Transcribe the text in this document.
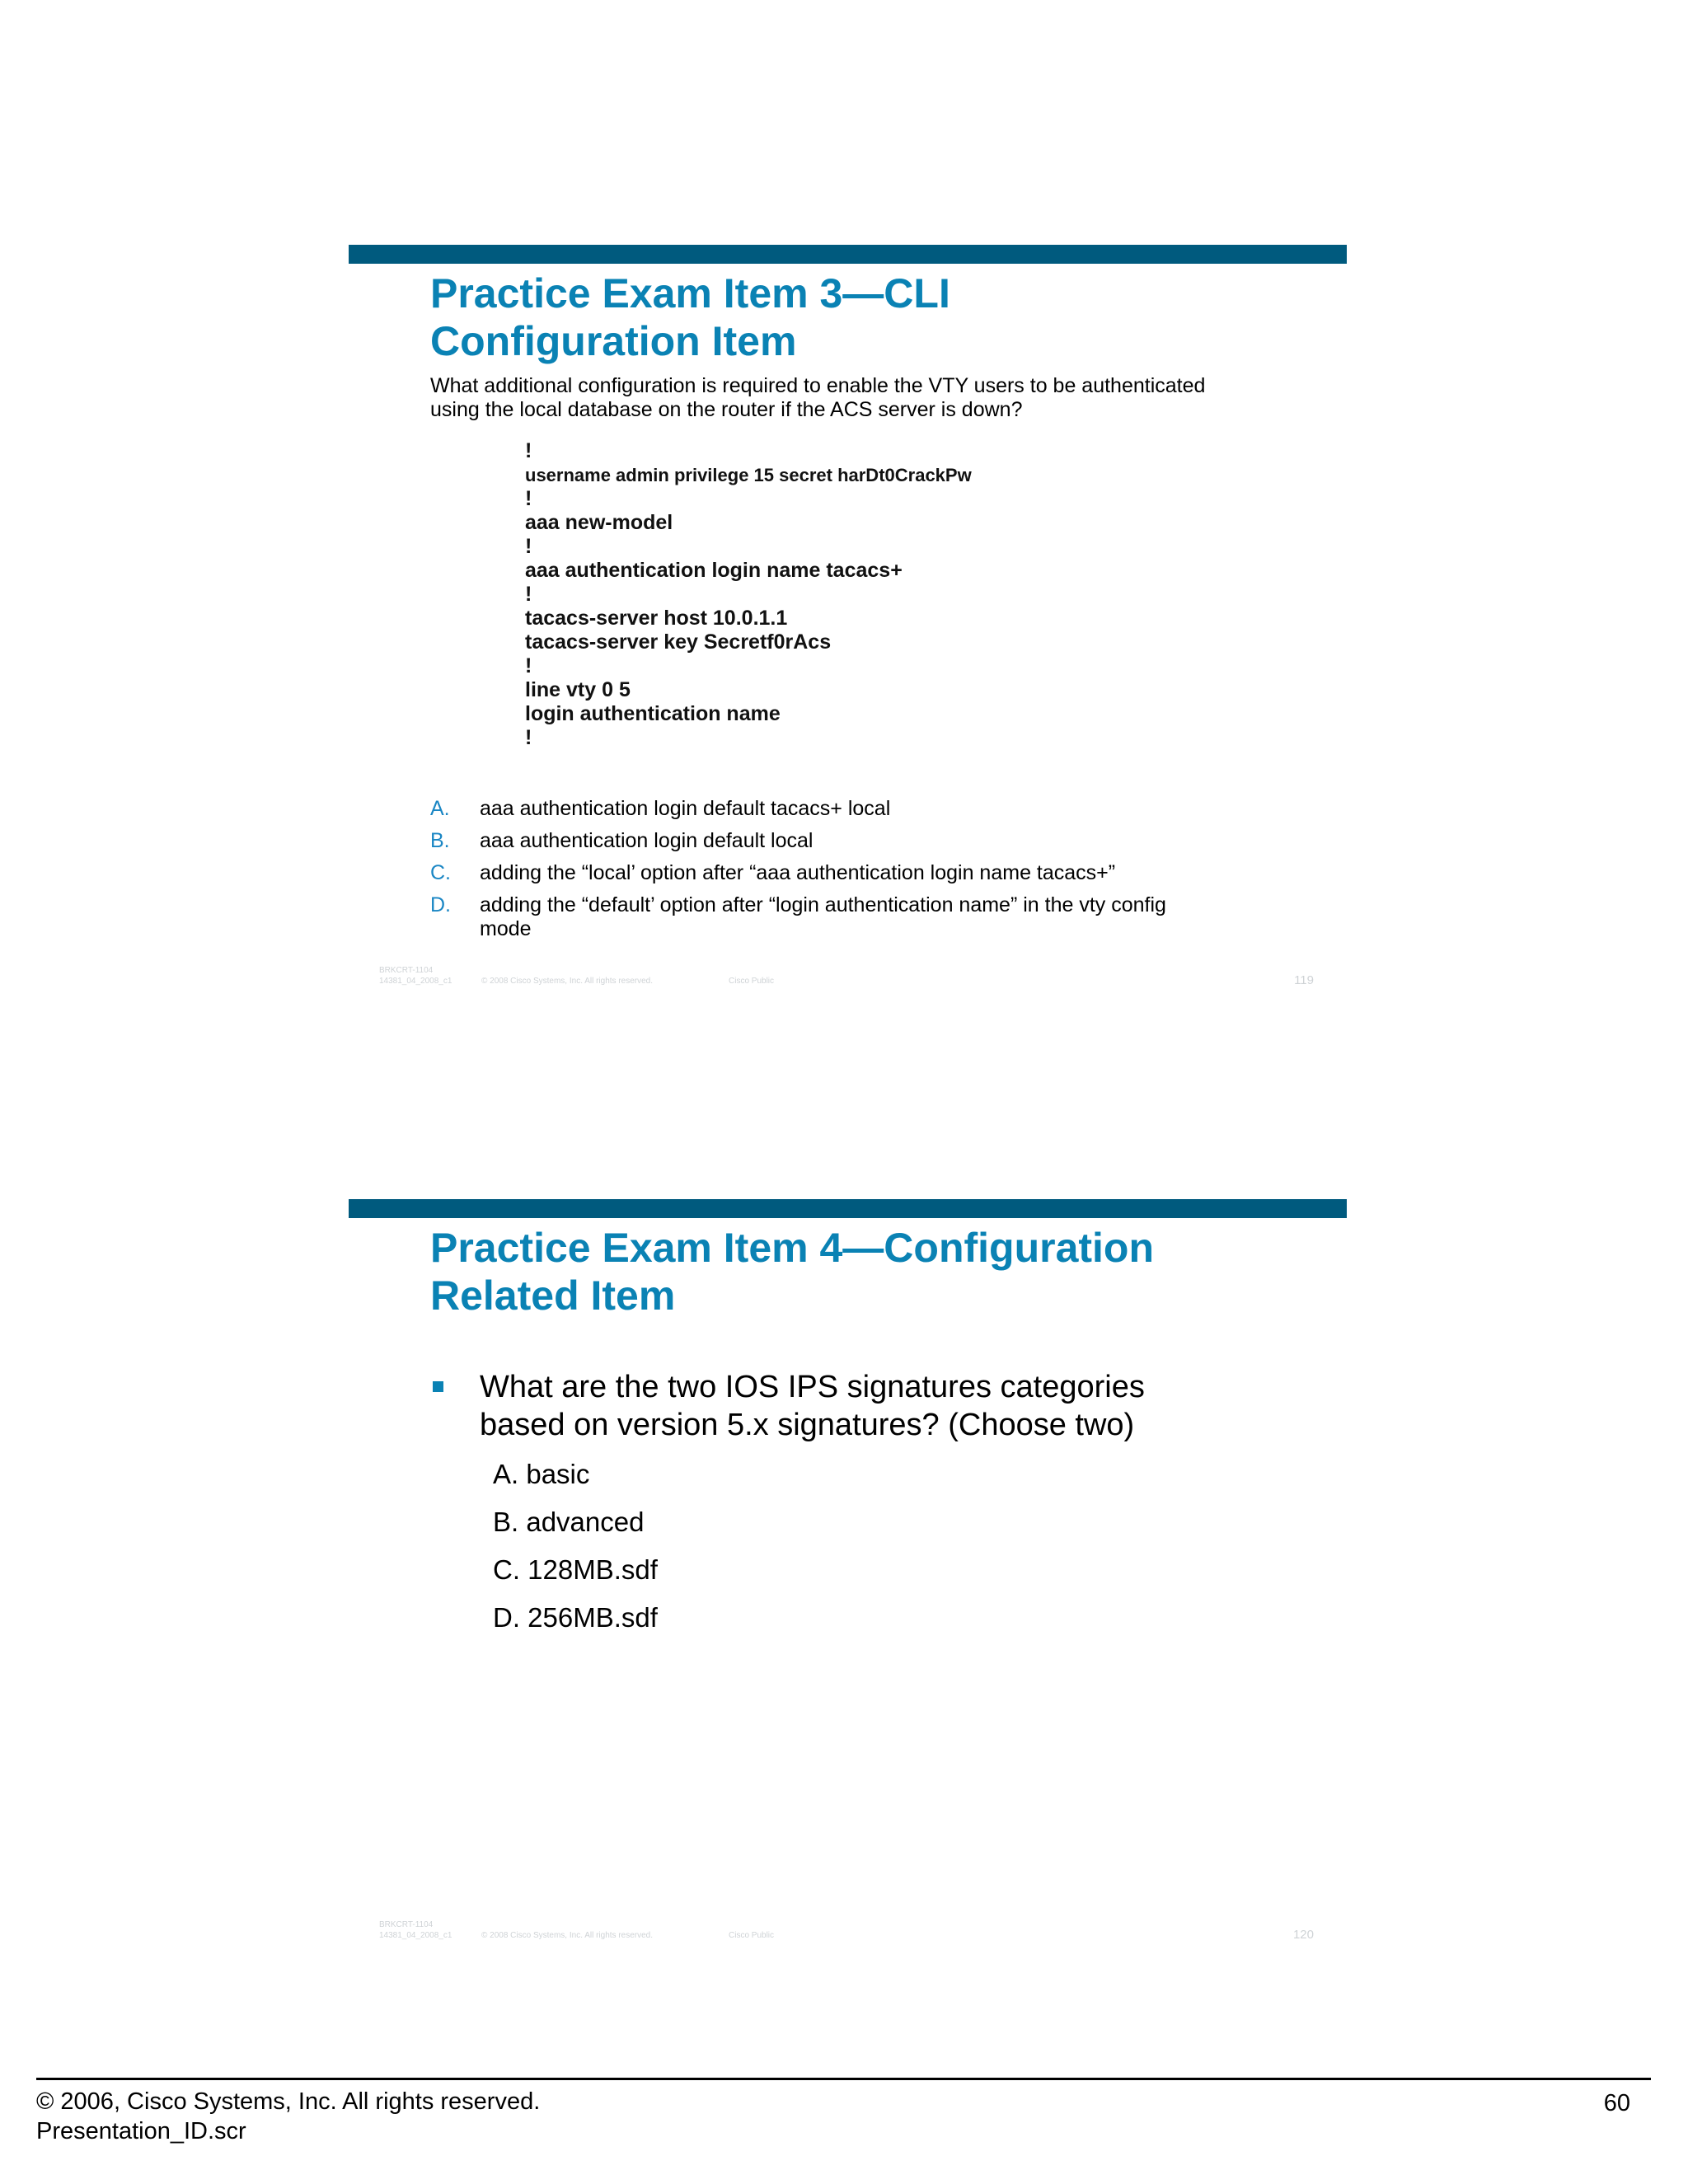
Practice Exam Item 3—CLI
Configuration Item
What additional configuration is required to enable the VTY users to be authenticated
using the local database on the router if the ACS server is down?
!
username admin privilege 15 secret harDt0CrackPw
!
aaa new-model
!
aaa authentication login name tacacs+
!
tacacs-server host 10.0.1.1
tacacs-server key Secretf0rAcs
!
line vty 0 5
login authentication name
!
A. aaa authentication login default tacacs+ local
B. aaa authentication login default local
C. adding the “local’ option after “aaa authentication login name tacacs+”
D. adding the “default’ option after “login authentication name” in the vty config mode
BRKCRT-1104
14381_04_2008_c1	© 2008 Cisco Systems, Inc. All rights reserved.	Cisco Public	119
Practice Exam Item 4—Configuration
Related Item
What are the two IOS IPS signatures categories based on version 5.x signatures? (Choose two)
A. basic
B. advanced
C. 128MB.sdf
D. 256MB.sdf
BRKCRT-1104
14381_04_2008_c1	© 2008 Cisco Systems, Inc. All rights reserved.	Cisco Public	120
© 2006, Cisco Systems, Inc. All rights reserved.
Presentation_ID.scr
60
